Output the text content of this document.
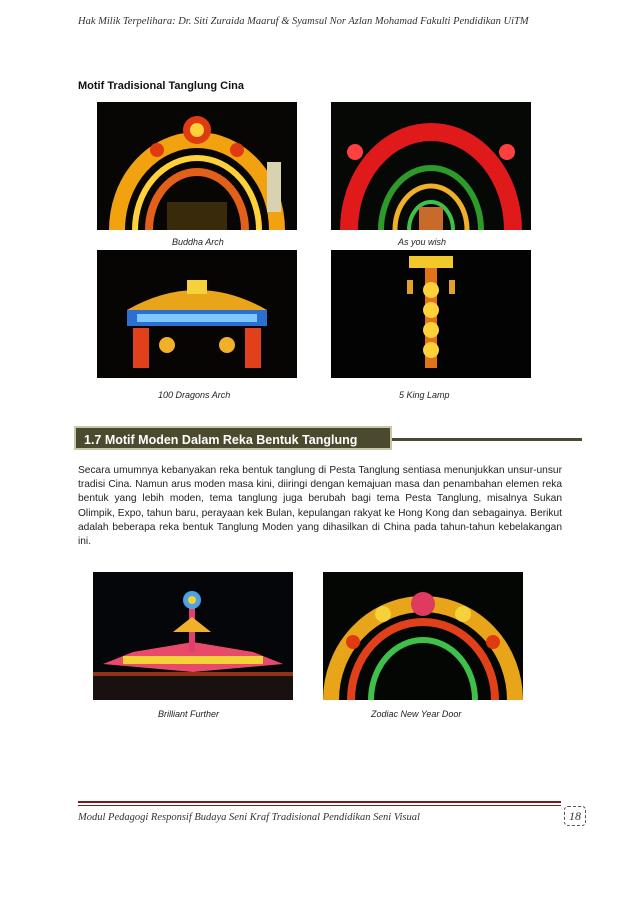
Hak Milik Terpelihara: Dr. Siti Zuraida Maaruf & Syamsul Nor Azlan Mohamad Fakulti Pendidikan UiTM
Motif Tradisional Tanglung Cina
Buddha Arch	As you wish
100 Dragons Arch	5 King Lamp
1.7 Motif Moden Dalam Reka Bentuk Tanglung
Secara umumnya kebanyakan reka bentuk tanglung di Pesta Tanglung sentiasa menunjukkan unsur-unsur tradisi Cina. Namun arus moden masa kini, diiringi dengan kemajuan masa dan penambahan elemen reka bentuk yang lebih moden, tema tanglung juga berubah bagi tema Pesta Tanglung, misalnya Sukan Olimpik, Expo, tahun baru, perayaan kek Bulan, kepulangan rakyat ke Hong Kong dan sebagainya. Berikut adalah beberapa reka bentuk Tanglung Moden yang dihasilkan di China pada tahun-tahun kebelakangan ini.
Brilliant Further	Zodiac New Year Door
Modul Pedagogi Responsif Budaya Seni Kraf Tradisional Pendidikan Seni Visual	18
